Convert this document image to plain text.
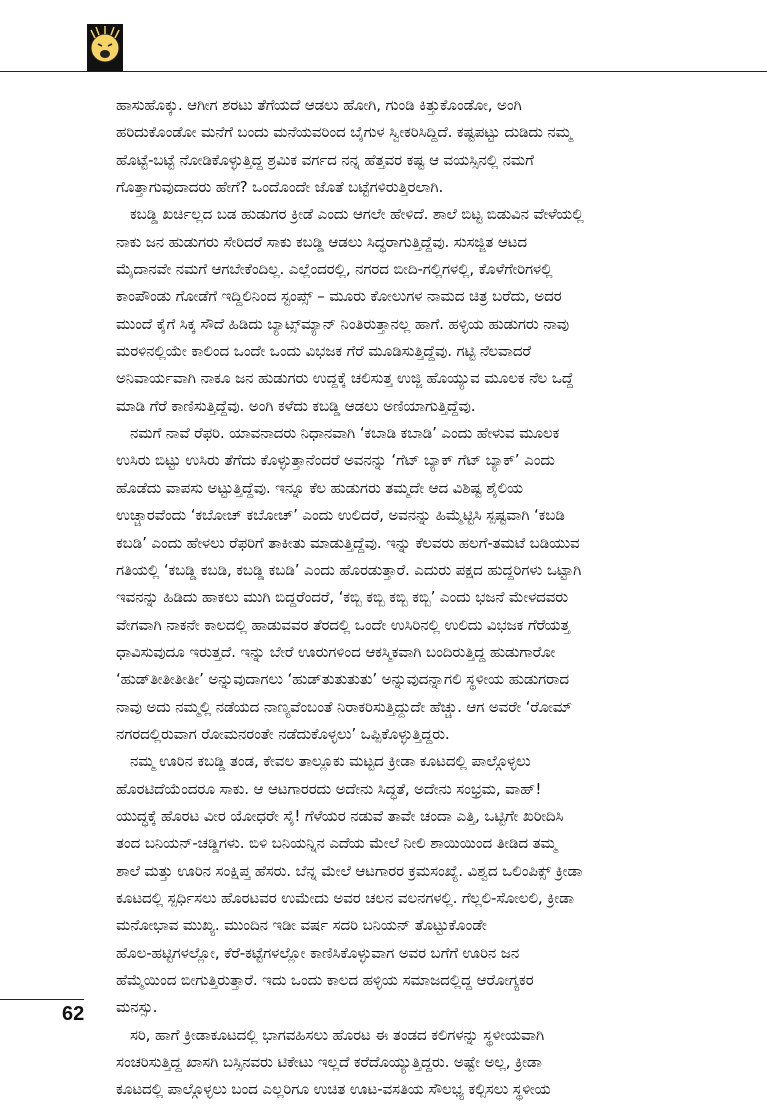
ಹಾಸುಹೊಕ್ಕು. ಆಗೀಗ ಶರಟು ತೆಗೆಯದೆ ಆಡಲು ಹೋಗಿ, ಗುಂಡಿ ಕಿತ್ತುಕೊಂಡೋ, ಅಂಗಿ
ಹರಿದುಕೊಂಡೋ ಮನೆಗೆ ಬಂದು ಮನೆಯವರಿಂದ ಬೈಗುಳ ಸ್ವೀಕರಿಸಿದ್ದಿದೆ. ಕಷ್ಟಪಟ್ಟು ದುಡಿದು ನಮ್ಮ
ಹೊಟ್ಟೆ-ಬಟ್ಟೆ ನೋಡಿಕೊಳ್ಳುತ್ತಿದ್ದ ಶ್ರಮಿಕ ವರ್ಗದ ನನ್ನ ಹೆತ್ತವರ ಕಷ್ಟ ಆ ವಯಸ್ಸಿನಲ್ಲಿ ನಮಗೆ
ಗೊತ್ತಾಗುವುದಾದರು ಹೇಗೆ? ಒಂದೊಂದೇ ಜೊತೆ ಬಟ್ಟೆಗಳಿರುತ್ತಿರಲಾಗಿ.

ಕಬಡ್ಡಿ ಖರ್ಚಿಲ್ಲದ ಬಡ ಹುಡುಗರ ಕ್ರೀಡೆ ಎಂದು ಆಗಲೇ ಹೇಳಿದೆ. ಶಾಲೆ ಬಿಟ್ಟ ಬಿಡುವಿನ ವೇಳೆಯಲ್ಲಿ
ನಾಕು ಜನ ಹುಡುಗರು ಸೇರಿದರೆ ಸಾಕು ಕಬಡ್ಡಿ ಆಡಲು ಸಿದ್ಧರಾಗುತ್ತಿದ್ದೆವು. ಸುಸಜ್ಜಿತ ಆಟದ
ಮೈದಾನವೇ ನಮಗೆ ಆಗಬೇಕೆಂದಿಲ್ಲ. ಎಲ್ಲೆಂದರಲ್ಲಿ, ನಗರದ ಬೀದಿ-ಗಲ್ಲಿಗಳಲ್ಲಿ, ಕೊಳೆಗೇರಿಗಳಲ್ಲಿ
ಕಾಂಪೌಂಡು ಗೋಡೆಗೆ ಇದ್ದಿಲಿನಿಂದ ಸ್ಟಂಪ್ಸ್ – ಮೂರು ಕೋಲುಗಳ ನಾಮದ ಚಿತ್ರ ಬರೆದು, ಅದರ
ಮುಂದೆ ಕೈಗೆ ಸಿಕ್ಕ ಸೌದೆ ಹಿಡಿದು ಬ್ಯಾಟ್ಸ್‌ಮ್ಯಾನ್ ನಿಂತಿರುತ್ತಾನಲ್ಲ ಹಾಗೆ. ಹಳ್ಳಿಯ ಹುಡುಗರು ನಾವು
ಮರಳಿನಲ್ಲಿಯೇ ಕಾಲಿಂದ ಒಂದೇ ಒಂದು ವಿಭಜಕ ಗೆರೆ ಮೂಡಿಸುತ್ತಿದ್ದೆವು. ಗಟ್ಟಿ ನೆಲವಾದರೆ
ಅನಿವಾರ್ಯವಾಗಿ ನಾಕೂ ಜನ ಹುಡುಗರು ಉದ್ದಕ್ಕೆ ಚಲಿಸುತ್ತ ಉಜ್ಜಿ ಹೊಯ್ಯುವ ಮೂಲಕ ನೆಲ ಒದ್ದೆ
ಮಾಡಿ ಗೆರೆ ಕಾಣಿಸುತ್ತಿದ್ದೆವು. ಅಂಗಿ ಕಳೆದು ಕಬಡ್ಡಿ ಆಡಲು ಅಣಿಯಾಗುತ್ತಿದ್ದೆವು.

ನಮಗೆ ನಾವೆ ರೆಫರಿ. ಯಾವನಾದರು ನಿಧಾನವಾಗಿ ‘ಕಬಾಡಿ ಕಬಾಡಿ’ ಎಂದು ಹೇಳುವ ಮೂಲಕ
ಉಸಿರು ಬಿಟ್ಟು ಉಸಿರು ತೆಗೆದು ಕೊಳ್ಳುತ್ತಾನೆಂದರೆ ಅವನನ್ನು ‘ಗೆಟ್ ಬ್ಯಾಕ್ ಗೆಟ್ ಬ್ಯಾಕ್’ ಎಂದು
ಹೊಡೆದು ವಾಪಸು ಅಟ್ಟುತ್ತಿದ್ದೆವು. ಇನ್ನೂ ಕೆಲ ಹುಡುಗರು ತಮ್ಮದೇ ಆದ ವಿಶಿಷ್ಟ ಶೈಲಿಯ
ಉಚ್ಚಾರವೆಂದು ‘ಕಬೋಚ್ ಕಬೋಚ್’ ಎಂದು ಉಲಿದರೆ, ಅವನನ್ನು ಹಿಮ್ಮೆಟ್ಟಿಸಿ ಸ್ಪಷ್ಟವಾಗಿ ‘ಕಬಡಿ
ಕಬಡಿ’ ಎಂದು ಹೇಳಲು ರೆಫರಿಗೆ ತಾಕೀತು ಮಾಡುತ್ತಿದ್ದೆವು. ಇನ್ನು ಕೆಲವರು ಹಲಗೆ-ತಮಟೆ ಬಡಿಯುವ
ಗತಿಯಲ್ಲಿ ‘ಕಬಡ್ಡಿ ಕಬಡಿ, ಕಬಡ್ಡಿ ಕಬಡಿ’ ಎಂದು ಹೊರಡುತ್ತಾರೆ. ಎದುರು ಪಕ್ಷದ ಹುದ್ದರಿಗಳು ಒಟ್ಟಾಗಿ
ಇವನನ್ನು ಹಿಡಿದು ಹಾಕಲು ಮುಗಿ ಬಿದ್ದರೆಂದರೆ, ‘ಕಬ್ಬಿ ಕಬ್ಬಿ ಕಬ್ಬಿ ಕಬ್ಬಿ’ ಎಂದು ಭಜನೆ ಮೇಳದವರು
ವೇಗವಾಗಿ ನಾಕನೇ ಕಾಲದಲ್ಲಿ ಹಾಡುವವರ ತೆರದಲ್ಲಿ ಒಂದೇ ಉಸಿರಿನಲ್ಲಿ ಉಲಿದು ವಿಭಜಕ ಗೆರೆಯತ್ತ
ಧಾವಿಸುವುದೂ ಇರುತ್ತದೆ. ಇನ್ನು ಬೇರೆ ಊರುಗಳಿಂದ ಆಕಸ್ಮಿಕವಾಗಿ ಬಂದಿರುತ್ತಿದ್ದ ಹುಡುಗಾರೋ
‘ಹುಡ್‌ತೀತೀತೀತೀ’ ಅನ್ನುವುದಾಗಲು ‘ಹುಡ್‌ತುತುತುತು’ ಅನ್ನುವುದನ್ನಾಗಲಿ ಸ್ಥಳೀಯ ಹುಡುಗರಾದ
ನಾವು ಅದು ನಮ್ಮಲ್ಲಿ ನಡೆಯದ ನಾಣ್ಯವೆಂಬಂತೆ ನಿರಾಕರಿಸುತ್ತಿದ್ದುದೇ ಹೆಚ್ಚು. ಆಗ ಅವರೇ ‘ರೋಮ್
ನಗರದಲ್ಲಿರುವಾಗ ರೋಮನರಂತೇ ನಡೆದುಕೊಳ್ಳಲು’ ಒಪ್ಪಿಕೊಳ್ಳುತ್ತಿದ್ದರು.

ನಮ್ಮ ಊರಿನ ಕಬಡ್ಡಿ ತಂಡ, ಕೇವಲ ತಾಲ್ಲೂಕು ಮಟ್ಟದ ಕ್ರೀಡಾ ಕೂಟದಲ್ಲಿ ಪಾಲ್ಗೊಳ್ಳಲು
ಹೊರಟಿದೆಯೆಂದರೂ ಸಾಕು. ಆ ಆಟಗಾರರದು ಅದೇನು ಸಿದ್ಧತೆ, ಅದೇನು ಸಂಭ್ರಮ, ವಾಹ್!
ಯುದ್ಧಕ್ಕೆ ಹೊರಟ ವೀರ ಯೋಧರೇ ಸೈ! ಗೆಳೆಯರ ನಡುವೆ ತಾವೇ ಚಂದಾ ಎತ್ತಿ, ಒಟ್ಟಿಗೇ ಖರೀದಿಸಿ
ತಂದ ಬನಿಯನ್-ಚಡ್ಡಿಗಳು. ಬಿಳಿ ಬನಿಯನ್ನಿನ ಎದೆಯ ಮೇಲೆ ನೀಲಿ ಶಾಯಿಯಿಂದ ತೀಡಿದ ತಮ್ಮ
ಶಾಲೆ ಮತ್ತು ಊರಿನ ಸಂಕ್ಷಿಪ್ತ ಹೆಸರು. ಬೆನ್ನ ಮೇಲೆ ಆಟಗಾರರ ಕ್ರಮಸಂಖ್ಯೆ. ವಿಶ್ವದ ಒಲಿಂಪಿಕ್ಸ್ ಕ್ರೀಡಾ
ಕೂಟದಲ್ಲಿ ಸ್ಪರ್ಧಿಸಲು ಹೊರಟವರ ಉಮೇದು ಅವರ ಚಲನ ವಲನಗಳಲ್ಲಿ. ಗೆಲ್ಲಲಿ-ಸೋಲಲಿ, ಕ್ರೀಡಾ
ಮನೋಭಾವ ಮುಖ್ಯ. ಮುಂದಿನ ಇಡೀ ವರ್ಷ ಸದರಿ ಬನಿಯನ್ ತೊಟ್ಟುಕೊಂಡೇ
ಹೊಲ-ಹಟ್ಟಿಗಳಲ್ಲೋ, ಕೆರೆ-ಕಟ್ಟೆಗಳಲ್ಲೋ ಕಾಣಿಸಿಕೊಳ್ಳುವಾಗ ಅವರ ಬಗೆಗೆ ಊರಿನ ಜನ
ಹೆಮ್ಮೆಯಿಂದ ಬೀಗುತ್ತಿರುತ್ತಾರೆ. ಇದು ಒಂದು ಕಾಲದ ಹಳ್ಳಿಯ ಸಮಾಜದಲ್ಲಿದ್ದ ಆರೋಗ್ಯಕರ
ಮನಸ್ಸು.

ಸರಿ, ಹಾಗೆ ಕ್ರೀಡಾಕೂಟದಲ್ಲಿ ಭಾಗವಹಿಸಲು ಹೊರಟ ಈ ತಂಡದ ಕಲಿಗಳನ್ನು ಸ್ಥಳೀಯವಾಗಿ
ಸಂಚರಿಸುತ್ತಿದ್ದ ಖಾಸಗಿ ಬಸ್ಸಿನವರು ಟಿಕೇಟು ಇಲ್ಲದೆ ಕರೆದೊಯ್ಯುತ್ತಿದ್ದರು. ಅಷ್ಟೇ ಅಲ್ಲ, ಕ್ರೀಡಾ
ಕೂಟದಲ್ಲಿ ಪಾಲ್ಗೊಳ್ಳಲು ಬಂದ ಎಲ್ಲರಿಗೂ ಉಚಿತ ಊಟ-ವಸತಿಯ ಸೌಲಭ್ಯ ಕಲ್ಪಿಸಲು ಸ್ಥಳೀಯ

62
